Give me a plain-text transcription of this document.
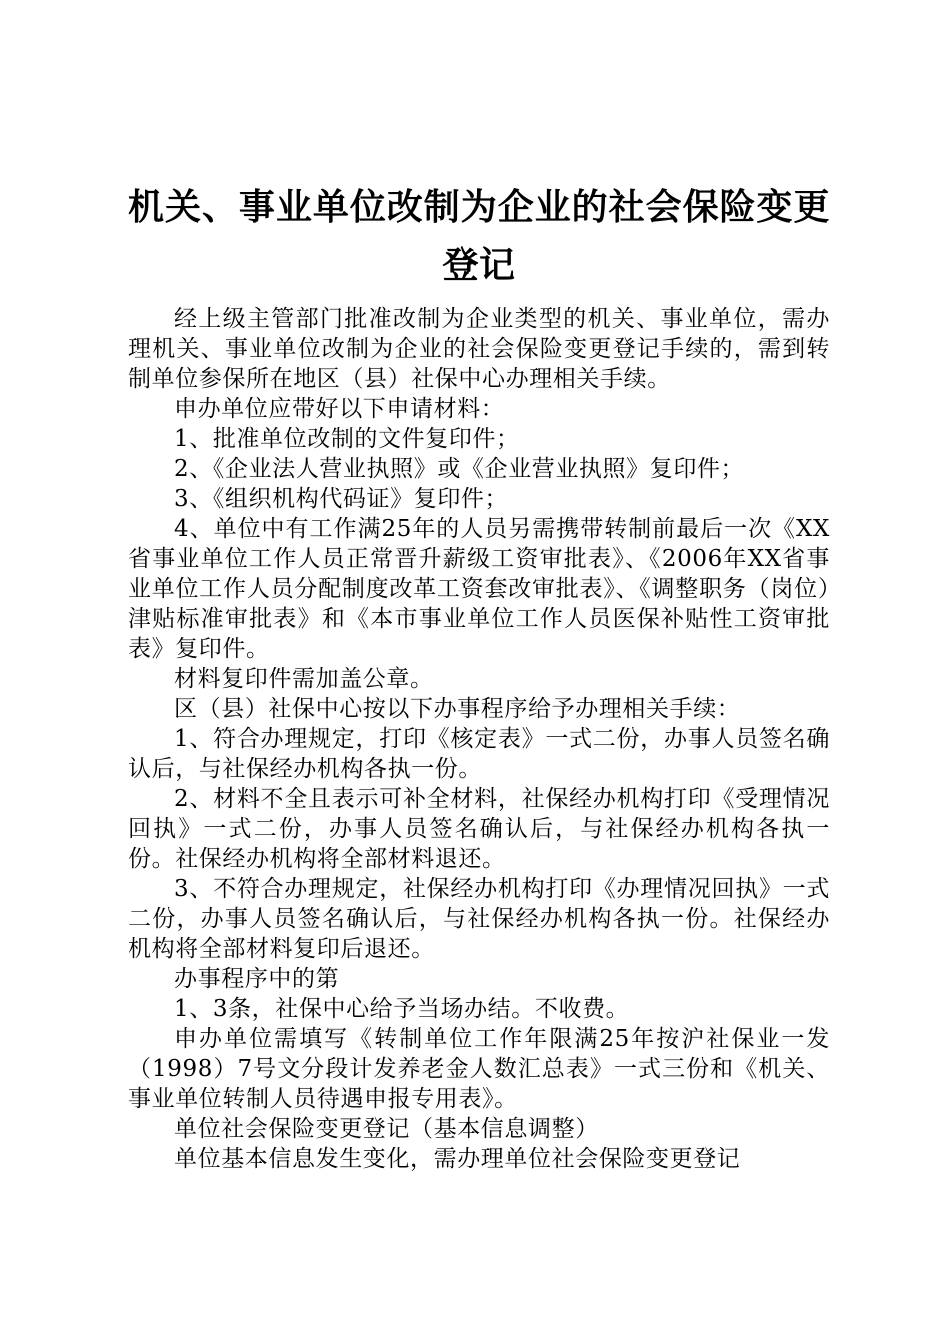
机关、事业单位改制为企业的社会保险变更登记

经上级主管部门批准改制为企业类型的机关、事业单位，需办理机关、事业单位改制为企业的社会保险变更登记手续的，需到转制单位参保所在地区（县）社保中心办理相关手续。

申办单位应带好以下申请材料：

1、批准单位改制的文件复印件；

2、《企业法人营业执照》或《企业营业执照》复印件；

3、《组织机构代码证》复印件；

4、单位中有工作满25年的人员另需携带转制前最后一次《XX省事业单位工作人员正常晋升薪级工资审批表》、《2006年XX省事业单位工作人员分配制度改革工资套改审批表》、《调整职务（岗位）津贴标准审批表》和《本市事业单位工作人员医保补贴性工资审批表》复印件。

材料复印件需加盖公章。

区（县）社保中心按以下办事程序给予办理相关手续：

1、符合办理规定，打印《核定表》一式二份，办事人员签名确认后，与社保经办机构各执一份。

2、材料不全且表示可补全材料，社保经办机构打印《受理情况回执》一式二份，办事人员签名确认后，与社保经办机构各执一份。社保经办机构将全部材料退还。

3、不符合办理规定，社保经办机构打印《办理情况回执》一式二份，办事人员签名确认后，与社保经办机构各执一份。社保经办机构将全部材料复印后退还。

办事程序中的第

1、3条，社保中心给予当场办结。不收费。

申办单位需填写《转制单位工作年限满25年按沪社保业一发（1998）7号文分段计发养老金人数汇总表》一式三份和《机关、事业单位转制人员待遇申报专用表》。

单位社会保险变更登记（基本信息调整）

单位基本信息发生变化，需办理单位社会保险变更登记
